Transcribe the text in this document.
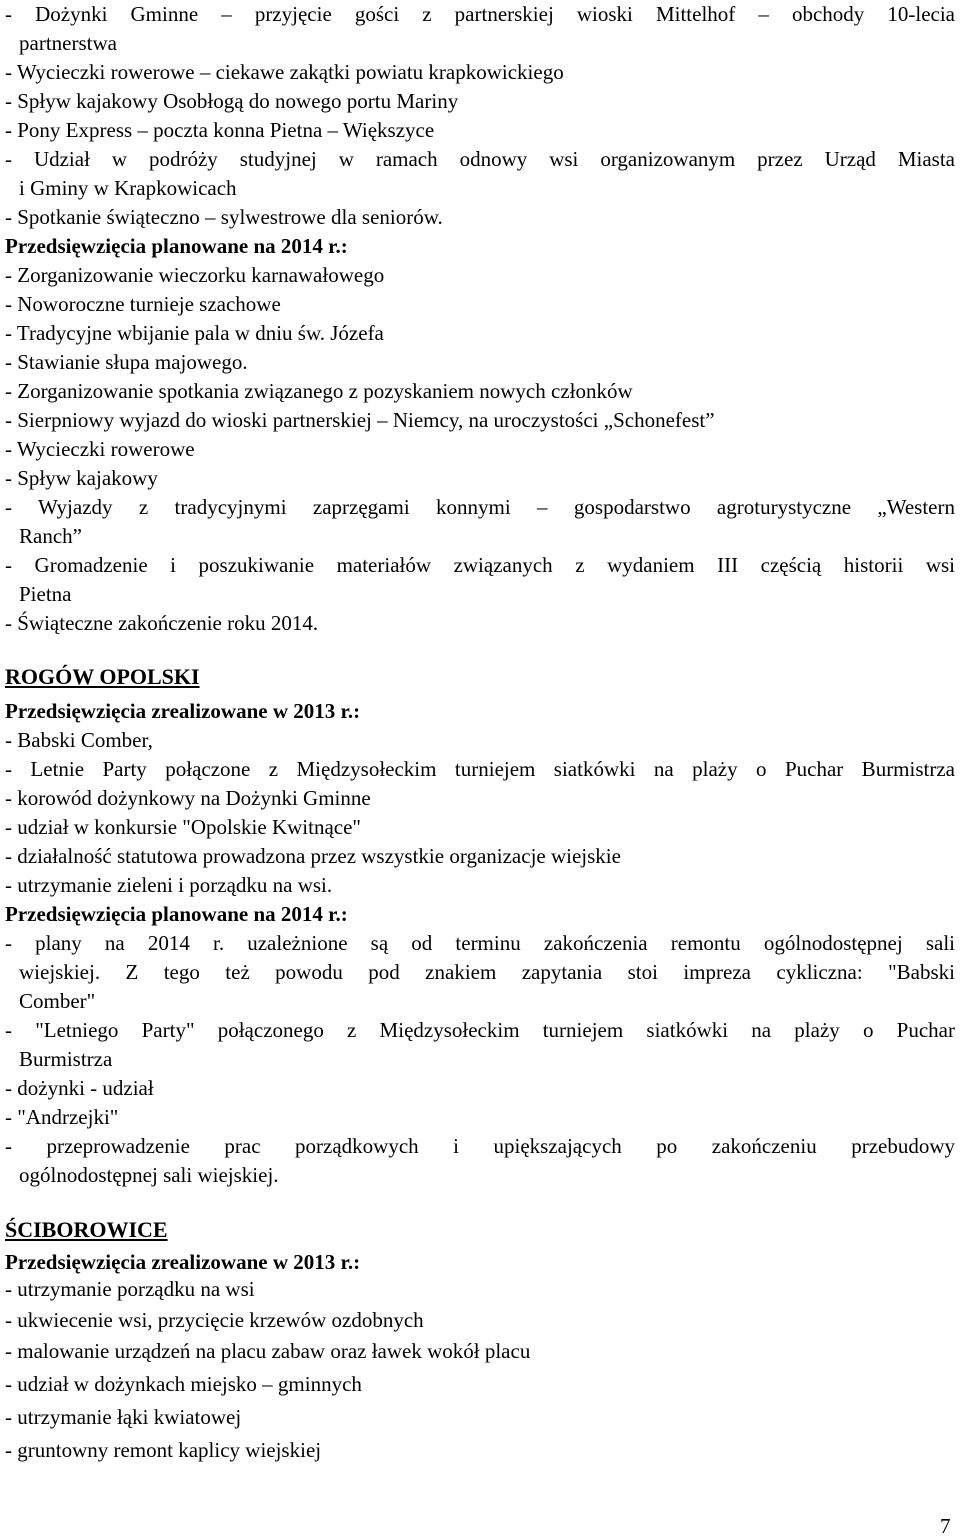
- Dożynki Gminne – przyjęcie gości z partnerskiej wioski Mittelhof – obchody 10-lecia
partnerstwa
- Wycieczki rowerowe – ciekawe zakątki powiatu krapkowickiego
- Spływ kajakowy Osobłogą do nowego portu Mariny
- Pony Express – poczta konna Pietna – Większyce
- Udział w podróży studyjnej w ramach odnowy wsi organizowanym przez Urząd Miasta
i Gminy w Krapkowicach
- Spotkanie świąteczno – sylwestrowe dla seniorów.
Przedsięwzięcia planowane na 2014 r.:
- Zorganizowanie wieczorku karnawałowego
- Noworoczne turnieje szachowe
- Tradycyjne wbijanie pala w dniu św. Józefa
- Stawianie słupa majowego.
- Zorganizowanie spotkania związanego z pozyskaniem nowych członków
- Sierpniowy wyjazd do wioski partnerskiej – Niemcy, na uroczystości „Schonefest”
- Wycieczki rowerowe
- Spływ kajakowy
- Wyjazdy z tradycyjnymi zaprzęgami konnymi – gospodarstwo agroturystyczne „Western
Ranch”
- Gromadzenie i poszukiwanie materiałów związanych z wydaniem III częścią historii wsi
Pietna
- Świąteczne zakończenie roku 2014.
ROGÓW OPOLSKI
Przedsięwzięcia zrealizowane w 2013 r.:
- Babski Comber,
- Letnie Party połączone z Międzysołeckim turniejem siatkówki na plaży o Puchar Burmistrza
- korowód dożynkowy na Dożynki Gminne
- udział w konkursie "Opolskie Kwitnące"
- działalność statutowa prowadzona przez wszystkie organizacje wiejskie
- utrzymanie zieleni i porządku na wsi.
Przedsięwzięcia planowane na 2014 r.:
- plany na 2014 r. uzależnione są od terminu zakończenia remontu ogólnodostępnej sali
wiejskiej. Z tego też powodu pod znakiem zapytania stoi impreza cykliczna: "Babski
Comber"
- "Letniego Party" połączonego z Międzysołeckim turniejem siatkówki na plaży o Puchar
Burmistrza
- dożynki - udział
- "Andrzejki"
- przeprowadzenie prac porządkowych i upiększających po zakończeniu przebudowy
ogólnodostępnej sali wiejskiej.
ŚCIBOROWICE
Przedsięwzięcia zrealizowane w 2013 r.:
- utrzymanie porządku na wsi
- ukwiecenie wsi, przycięcie krzewów ozdobnych
- malowanie urządzeń na placu zabaw oraz ławek wokół placu
- udział w dożynkach miejsko – gminnych
- utrzymanie łąki kwiatowej
- gruntowny remont kaplicy wiejskiej
7
